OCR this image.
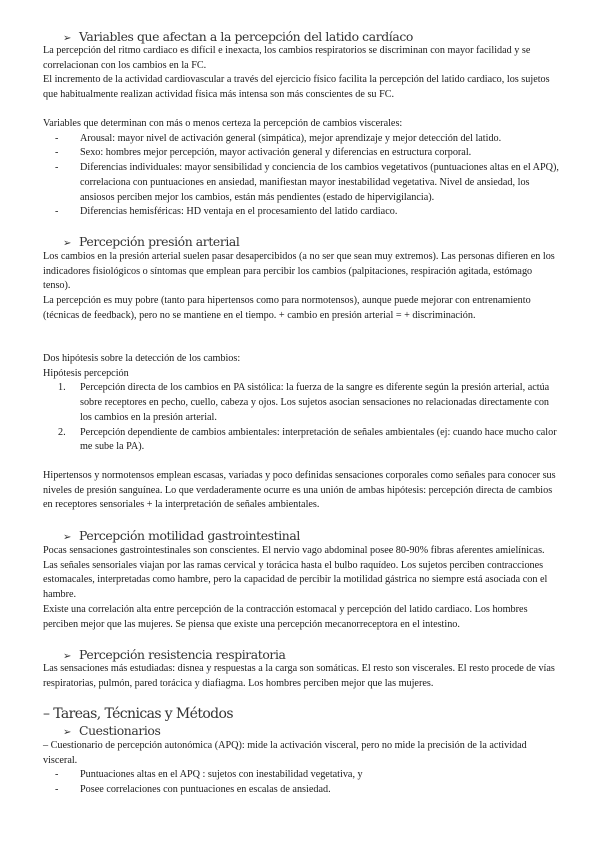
➢ Variables que afectan a la percepción del latido cardíaco

La percepción del ritmo cardiaco es difícil e inexacta, los cambios respiratorios se discriminan con mayor facilidad y se correlacionan con los cambios en la FC.

El incremento de la actividad cardiovascular a través del ejercicio físico facilita la percepción del latido cardiaco, los sujetos que habitualmente realizan actividad física más intensa son más conscientes de su FC.

Variables que determinan con más o menos certeza la percepción de cambios viscerales:

- Arousal: mayor nivel de activación general (simpática), mejor aprendizaje y mejor detección del latido.
- Sexo: hombres mejor percepción, mayor activación general y diferencias en estructura corporal.
- Diferencias individuales: mayor sensibilidad y conciencia de los cambios vegetativos (puntuaciones altas en el APQ), correlaciona con puntuaciones en ansiedad, manifiestan mayor inestabilidad vegetativa. Nivel de ansiedad, los ansiosos perciben mejor los cambios, están más pendientes (estado de hipervigilancia).
- Diferencias hemisféricas: HD ventaja en el procesamiento del latido cardiaco.
➢ Percepción presión arterial

Los cambios en la presión arterial suelen pasar desapercibidos (a no ser que sean muy extremos). Las personas difieren en los indicadores fisiológicos o síntomas que emplean para percibir los cambios (palpitaciones, respiración agitada, estómago tenso).

La percepción es muy pobre (tanto para hipertensos como para normotensos), aunque puede mejorar con entrenamiento (técnicas de feedback), pero no se mantiene en el tiempo. + cambio en presión arterial = + discriminación.

Dos hipótesis sobre la detección de los cambios:

Hipótesis percepción

1. Percepción directa de los cambios en PA sistólica: la fuerza de la sangre es diferente según la presión arterial, actúa sobre receptores en pecho, cuello, cabeza y ojos. Los sujetos asocian sensaciones no relacionadas directamente con los cambios en la presión arterial.
2. Percepción dependiente de cambios ambientales: interpretación de señales ambientales (ej: cuando hace mucho calor me sube la PA).

Hipertensos y normotensos emplean escasas, variadas y poco definidas sensaciones corporales como señales para conocer sus niveles de presión sanguínea. Lo que verdaderamente ocurre es una unión de ambas hipótesis: percepción directa de cambios en receptores sensoriales + la interpretación de señales ambientales.

➢ Percepción motilidad gastrointestinal

Pocas sensaciones gastrointestinales son conscientes. El nervio vago abdominal posee 80-90% fibras aferentes amielínicas. Las señales sensoriales viajan por las ramas cervical y torácica hasta el bulbo raquídeo. Los sujetos perciben contracciones estomacales, interpretadas como hambre, pero la capacidad de percibir la motilidad gástrica no siempre está asociada con el hambre.

Existe una correlación alta entre percepción de la contracción estomacal y percepción del latido cardiaco. Los hombres perciben mejor que las mujeres. Se piensa que existe una percepción mecanorreceptora en el intestino.

➢ Percepción resistencia respiratoria

Las sensaciones más estudiadas: disnea y respuestas a la carga son somáticas. El resto son viscerales. El resto procede de vías respiratorias, pulmón, pared torácica y diafiagma. Los hombres perciben mejor que las mujeres.

– Tareas, Técnicas y Métodos
➢ Cuestionarios

– Cuestionario de percepción autonómica (APQ): mide la activación visceral, pero no mide la precisión de la actividad visceral.

- Puntuaciones altas en el APQ : sujetos con inestabilidad vegetativa, y
- Posee correlaciones con puntuaciones en escalas de ansiedad.
